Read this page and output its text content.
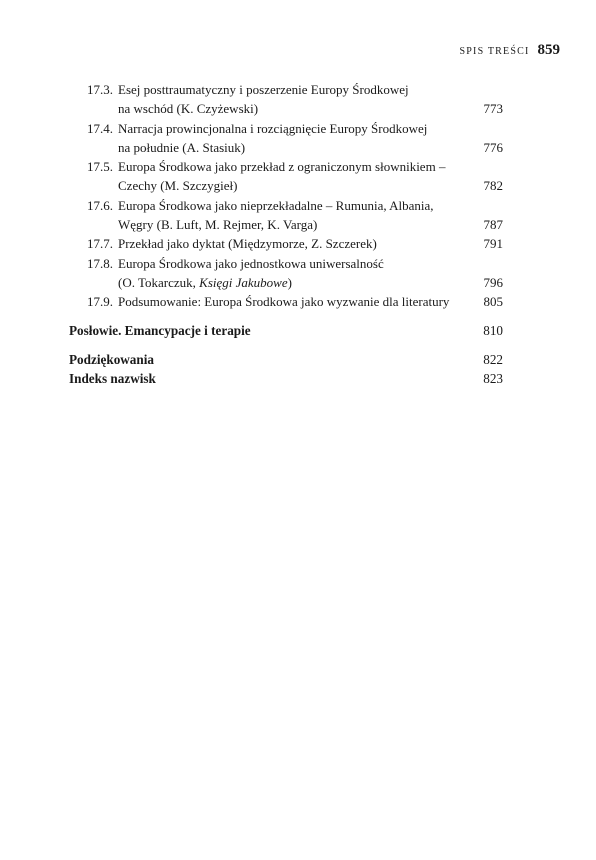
SPIS TREŚCI 859
17.3. Esej posttraumatyczny i poszerzenie Europy Środkowej
na wschód (K. Czyżewski)	773
17.4. Narracja prowincjonalna i rozciągnięcie Europy Środkowej
na południe (A. Stasiuk)	776
17.5. Europa Środkowa jako przekład z ograniczonym słownikiem –
Czechy (M. Szczygieł)	782
17.6. Europa Środkowa jako nieprzekładalne – Rumunia, Albania,
Węgry (B. Luft, M. Rejmer, K. Varga)	787
17.7. Przekład jako dyktat (Międzymorze, Z. Szczerek)	791
17.8. Europa Środkowa jako jednostkowa uniwersalność
(O. Tokarczuk, Księgi Jakubowe)	796
17.9. Podsumowanie: Europa Środkowa jako wyzwanie dla literatury	805
Posłowie. Emancypacje i terapie	810
Podziękowania	822
Indeks nazwisk	823
